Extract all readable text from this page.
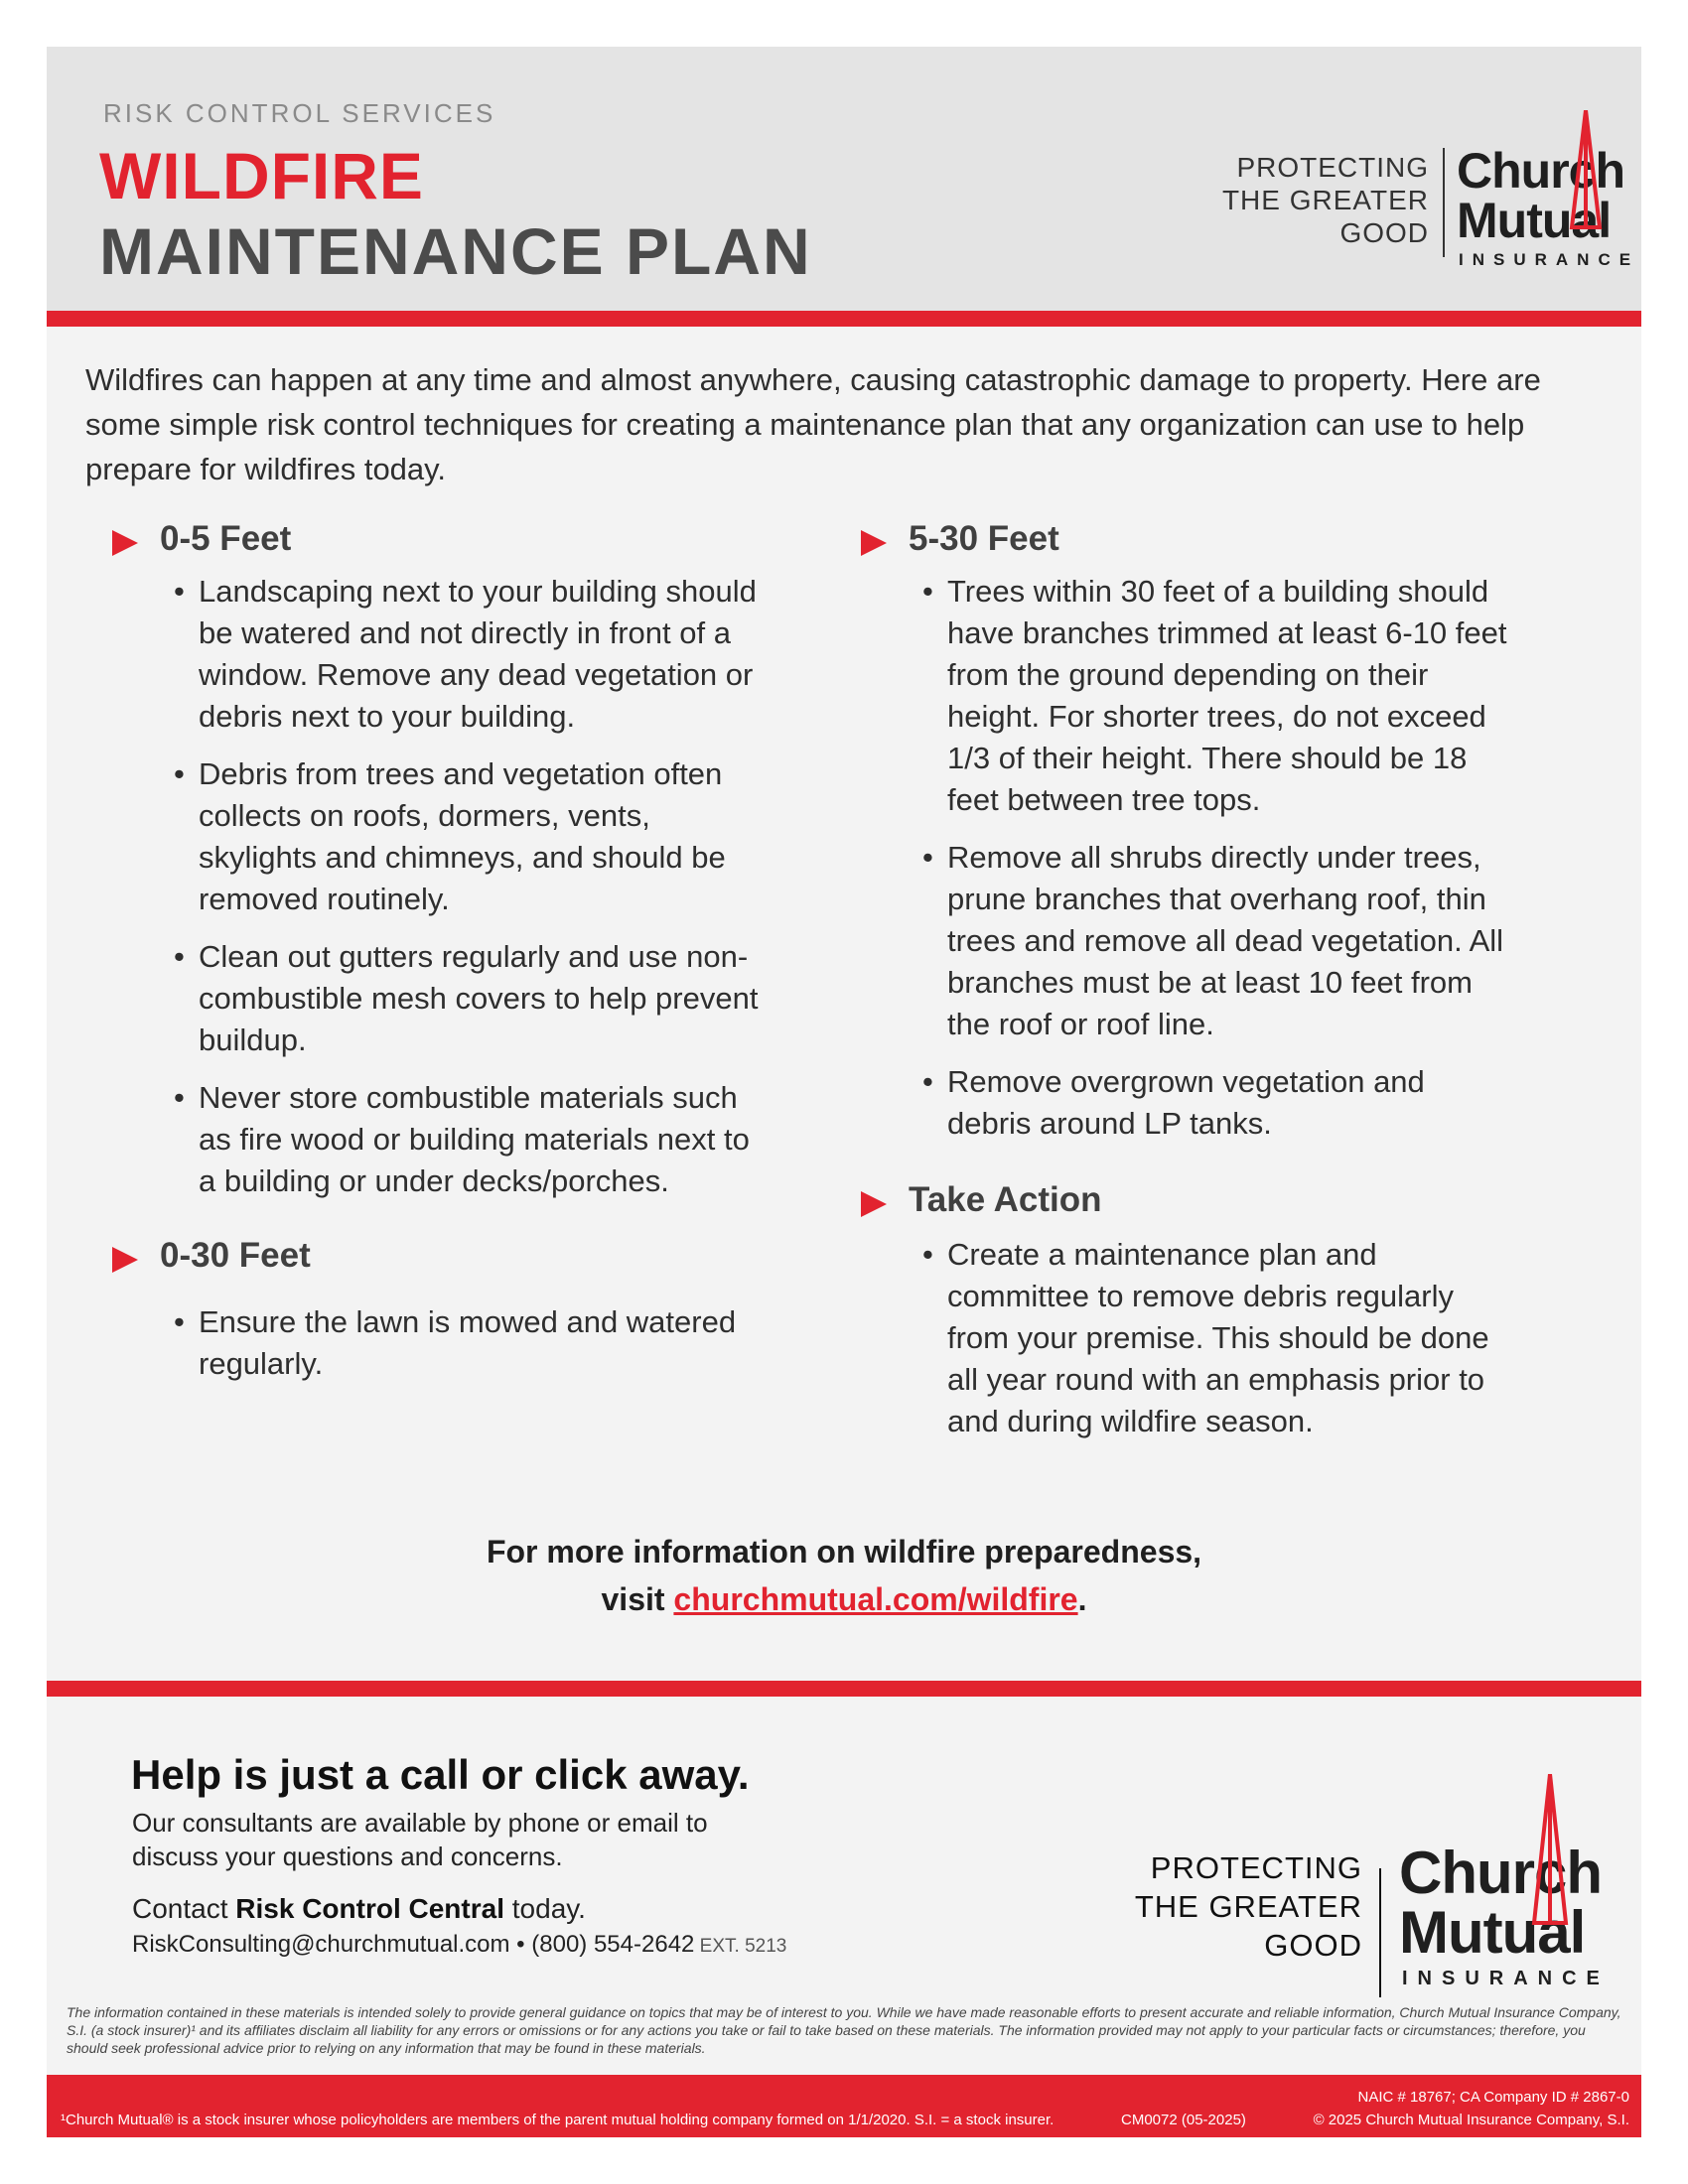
RISK CONTROL SERVICES
WILDFIRE
MAINTENANCE PLAN
PROTECTING
THE GREATER
GOOD
Church
Mutual
INSURANCE
Wildfires can happen at any time and almost anywhere, causing catastrophic damage to property. Here are some simple risk control techniques for creating a maintenance plan that any organization can use to help prepare for wildfires today.
0-5 Feet
• Landscaping next to your building should be watered and not directly in front of a window. Remove any dead vegetation or debris next to your building.
• Debris from trees and vegetation often collects on roofs, dormers, vents, skylights and chimneys, and should be removed routinely.
• Clean out gutters regularly and use non-combustible mesh covers to help prevent buildup.
• Never store combustible materials such as fire wood or building materials next to a building or under decks/porches.
0-30 Feet
• Ensure the lawn is mowed and watered regularly.
5-30 Feet
• Trees within 30 feet of a building should have branches trimmed at least 6-10 feet from the ground depending on their height. For shorter trees, do not exceed 1/3 of their height. There should be 18 feet between tree tops.
• Remove all shrubs directly under trees, prune branches that overhang roof, thin trees and remove all dead vegetation. All branches must be at least 10 feet from the roof or roof line.
• Remove overgrown vegetation and debris around LP tanks.
Take Action
• Create a maintenance plan and committee to remove debris regularly from your premise. This should be done all year round with an emphasis prior to and during wildfire season.
For more information on wildfire preparedness,
visit churchmutual.com/wildfire.
Help is just a call or click away.
Our consultants are available by phone or email to discuss your questions and concerns.
Contact Risk Control Central today.
RiskConsulting@churchmutual.com • (800) 554-2642 EXT. 5213
PROTECTING
THE GREATER
GOOD
Church
Mutual
INSURANCE
The information contained in these materials is intended solely to provide general guidance on topics that may be of interest to you. While we have made reasonable efforts to present accurate and reliable information, Church Mutual Insurance Company, S.I. (a stock insurer)¹ and its affiliates disclaim all liability for any errors or omissions or for any actions you take or fail to take based on these materials. The information provided may not apply to your particular facts or circumstances; therefore, you should seek professional advice prior to relying on any information that may be found in these materials.
NAIC # 18767; CA Company ID # 2867-0
¹Church Mutual® is a stock insurer whose policyholders are members of the parent mutual holding company formed on 1/1/2020. S.I. = a stock insurer.	CM0072 (05-2025)	© 2025 Church Mutual Insurance Company, S.I.
